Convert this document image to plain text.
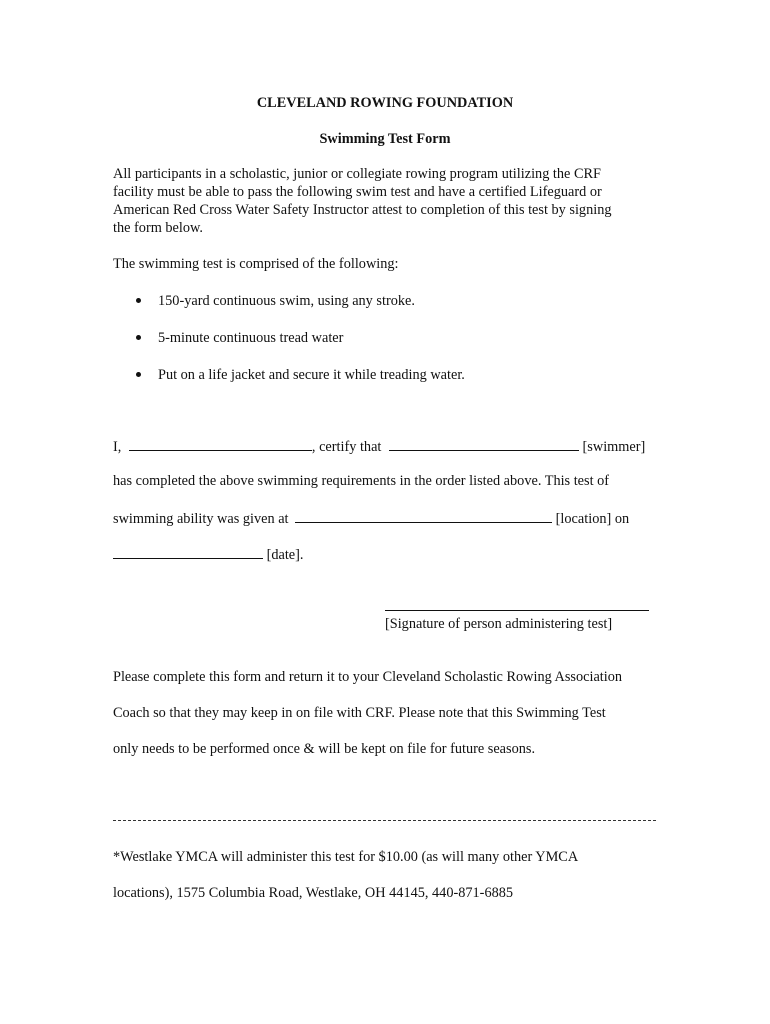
CLEVELAND ROWING FOUNDATION
Swimming Test Form
All participants in a scholastic, junior or collegiate rowing program utilizing the CRF
facility must be able to pass the following swim test and have a certified Lifeguard or
American Red Cross Water Safety Instructor attest to completion of this test by signing
the form below.
The swimming test is comprised of the following:
150-yard continuous swim, using any stroke.
5-minute continuous tread water
Put on a life jacket and secure it while treading water.
I,	, certify that	[swimmer]
has completed the above swimming requirements in the order listed above. This test of
swimming ability was given at	[location] on
[date].
[Signature of person administering test]
Please complete this form and return it to your Cleveland Scholastic Rowing Association
Coach so that they may keep in on file with CRF. Please note that this Swimming Test
only needs to be performed once & will be kept on file for future seasons.
*Westlake YMCA will administer this test for $10.00 (as will many other YMCA
locations), 1575 Columbia Road, Westlake, OH 44145, 440-871-6885
